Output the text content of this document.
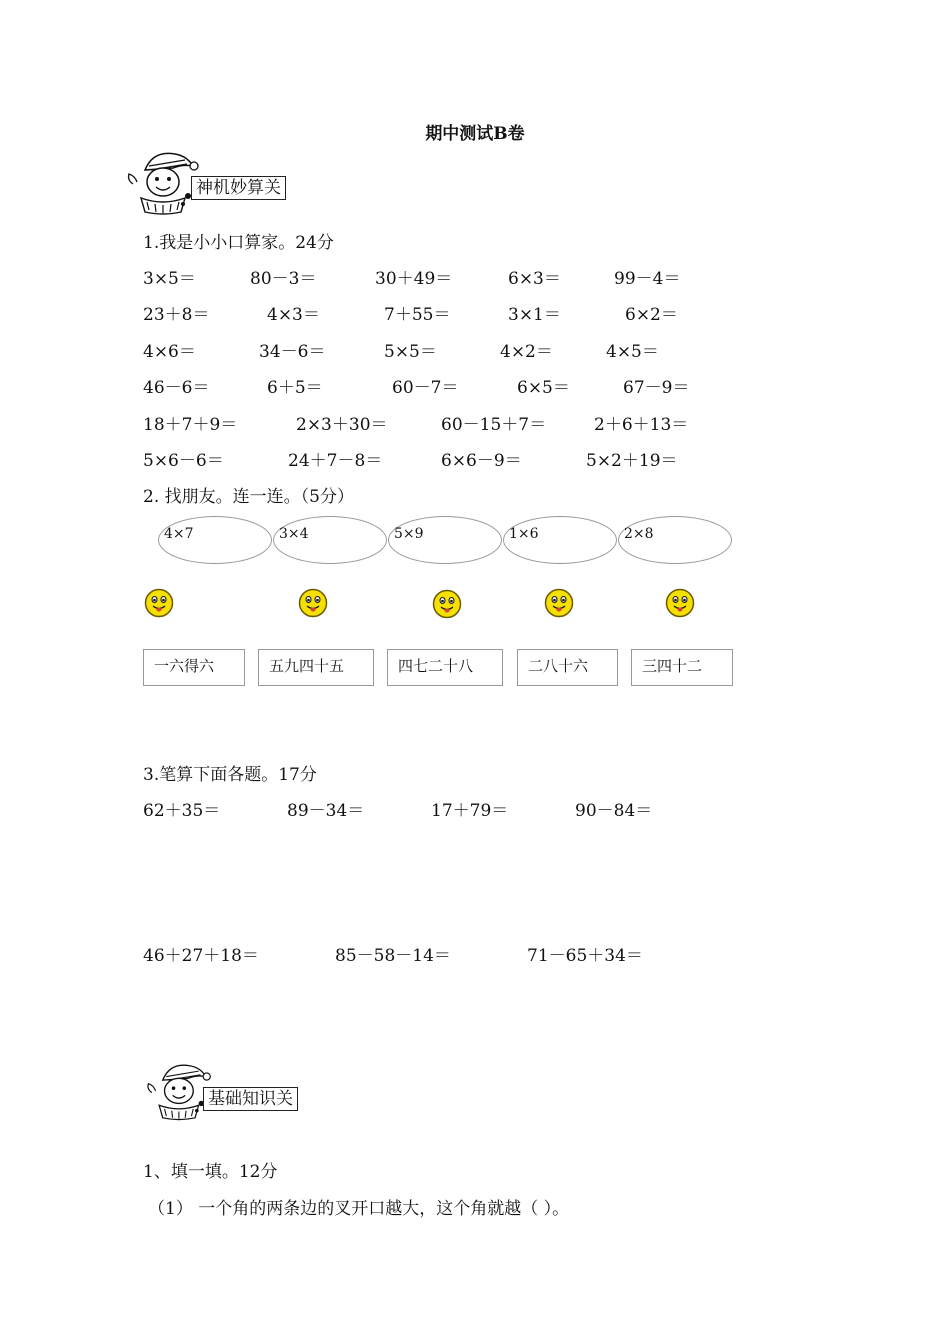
期中测试B卷
神机妙算关
1.我是小小口算家。24分
3×5＝	80－3＝	30＋49＝	6×3＝	99－4＝
23＋8＝	4×3＝	7＋55＝	3×1＝	6×2＝
4×6＝	34－6＝	5×5＝	4×2＝	4×5＝
46－6＝	6＋5＝	60－7＝	6×5＝	67－9＝
18＋7＋9＝	2×3＋30＝	60－15＋7＝	2＋6＋13＝
5×6－6＝	24＋7－8＝	6×6－9＝	5×2＋19＝
2. 找朋友。连一连。（5分）
4×7	3×4	5×9	1×6	2×8
一六得六	五九四十五	四七二十八	二八十六	三四十二
3.笔算下面各题。17分
62＋35＝	89－34＝	17＋79＝	90－84＝
46＋27＋18＝	85－58－14＝	71－65＋34＝
基础知识关
1、填一填。12分
（1） 一个角的两条边的叉开口越大，这个角就越（ ）。
